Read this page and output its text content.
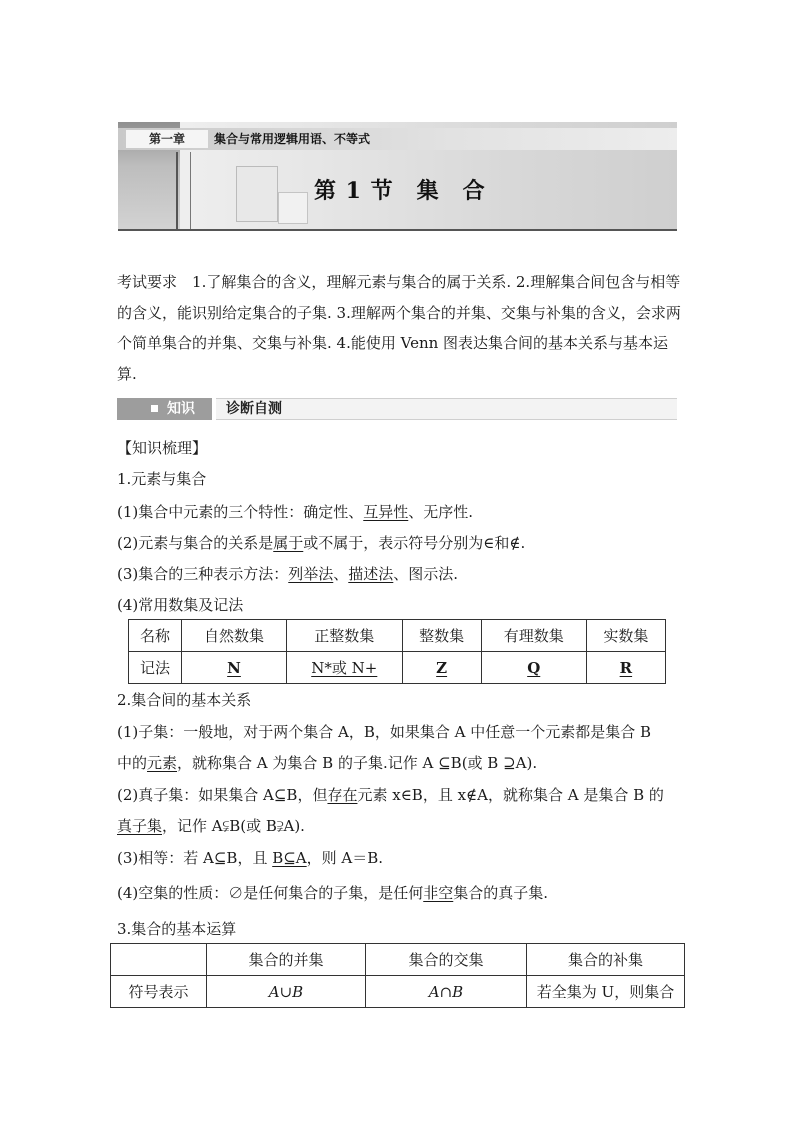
第一章	集合与常用逻辑用语、不等式
第 1 节　集　合
考试要求　 1.了解集合的含义，理解元素与集合的属于关系. 2.理解集合间包含与相等的含义，能识别给定集合的子集. 3.理解两个集合的并集、交集与补集的含义，会求两个简单集合的并集、交集与补集. 4.能使用 Venn 图表达集合间的基本关系与基本运算.
知识 诊断自测
【知识梳理】
1.元素与集合
(1)集合中元素的三个特性：确定性、互异性、无序性.
(2)元素与集合的关系是属于或不属于，表示符号分别为∈和∉.
(3)集合的三种表示方法：列举法、描述法、图示法.
(4)常用数集及记法
名称	自然数集	正整数集	整数集	有理数集	实数集
记法	N	N*或 N+	Z	Q	R
2.集合间的基本关系
(1)子集：一般地，对于两个集合 A，B，如果集合 A 中任意一个元素都是集合 B
中的元素，就称集合 A 为集合 B 的子集.记作 A ⊆B(或 B ⊇A).
(2)真子集：如果集合 A⊆B，但存在元素 x∈B，且 x∉A，就称集合 A 是集合 B 的
真子集，记作 A⫋B(或 B⫌A).
(3)相等：若 A⊆B，且 B⊆A，则 A＝B.
(4)空集的性质：∅是任何集合的子集，是任何非空集合的真子集.
3.集合的基本运算
	集合的并集	集合的交集	集合的补集
符号表示	A∪B	A∩B	若全集为 U，则集合
